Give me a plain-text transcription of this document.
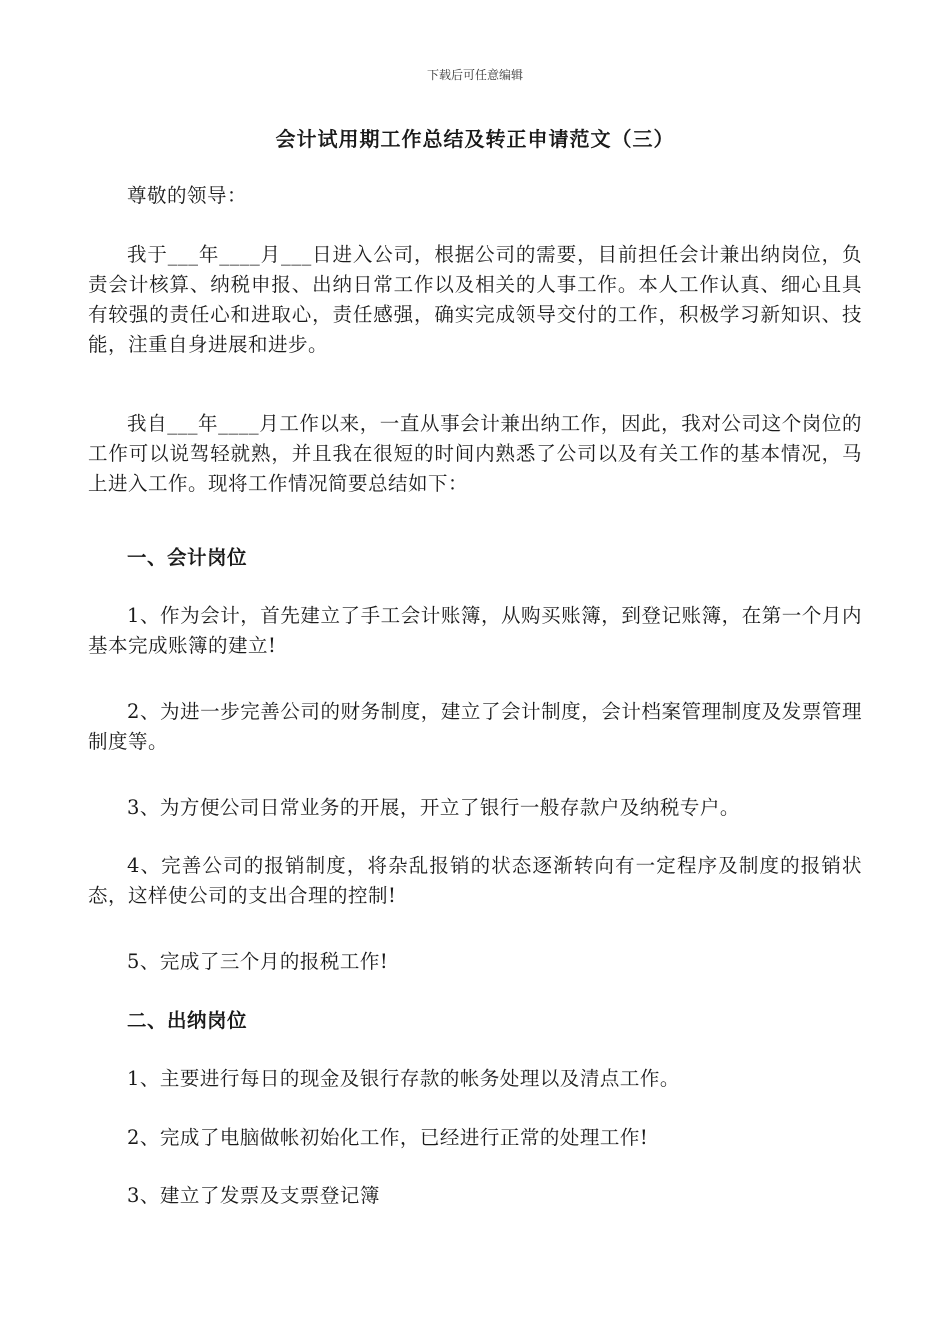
下载后可任意编辑
会计试用期工作总结及转正申请范文（三）
尊敬的领导：
我于___年____月___日进入公司，根据公司的需要，目前担任会计兼出纳岗位，负责会计核算、纳税申报、出纳日常工作以及相关的人事工作。本人工作认真、细心且具有较强的责任心和进取心，责任感强，确实完成领导交付的工作，积极学习新知识、技能，注重自身进展和进步。
我自___年____月工作以来，一直从事会计兼出纳工作，因此，我对公司这个岗位的工作可以说驾轻就熟，并且我在很短的时间内熟悉了公司以及有关工作的基本情况，马上进入工作。现将工作情况简要总结如下：
一、会计岗位
1、作为会计，首先建立了手工会计账簿，从购买账簿，到登记账簿，在第一个月内基本完成账簿的建立!
2、为进一步完善公司的财务制度，建立了会计制度，会计档案管理制度及发票管理制度等。
3、为方便公司日常业务的开展，开立了银行一般存款户及纳税专户。
4、完善公司的报销制度，将杂乱报销的状态逐渐转向有一定程序及制度的报销状态，这样使公司的支出合理的控制!
5、完成了三个月的报税工作!
二、出纳岗位
1、主要进行每日的现金及银行存款的帐务处理以及清点工作。
2、完成了电脑做帐初始化工作，已经进行正常的处理工作!
3、建立了发票及支票登记簿
